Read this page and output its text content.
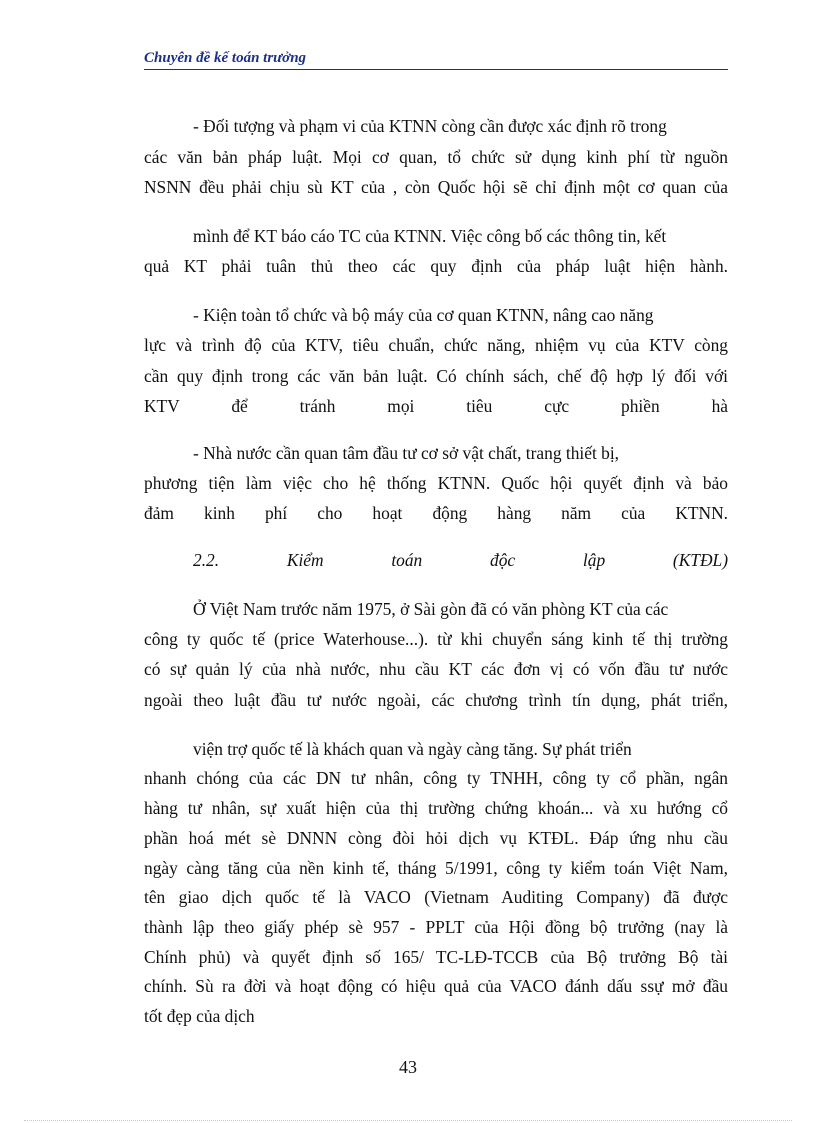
Chuyên đề kế toán trưởng
- Đối tượng và phạm vi của KTNN còng cần được xác định rõ trong
các văn bản pháp luật. Mọi cơ quan, tổ chức sử dụng kinh phí từ nguồn
NSNN đều phải chịu sù KT của , còn Quốc hội sẽ chỉ định một cơ quan của
mình để KT báo cáo TC của KTNN. Việc công bố các thông tin, kết
quả KT phải tuân thủ theo các quy định của pháp luật hiện hành.
- Kiện toàn tổ chức và bộ máy của cơ quan KTNN, nâng cao năng
lực và trình độ của KTV, tiêu chuẩn, chức năng, nhiệm vụ của KTV còng
cần quy định trong các văn bản luật. Có chính sách, chế độ hợp lý đối với
KTV để tránh mọi tiêu cực phiền hà
- Nhà nước cần quan tâm đầu tư cơ sở vật chất, trang thiết bị,
phương tiện làm việc cho hệ thống KTNN. Quốc hội quyết định và bảo
đảm kinh phí cho hoạt động hàng năm của KTNN.
2.2. Kiểm toán độc lập (KTĐL)
Ở Việt Nam trước năm 1975, ở Sài gòn đã có văn phòng KT của các
công ty quốc tế (price Waterhouse...). từ khi chuyển sáng kinh tế thị trường
có sự quản lý của nhà nước, nhu cầu KT các đơn vị có vốn đầu tư nước
ngoài theo luật đầu tư nước ngoài, các chương trình tín dụng, phát triển,
viện trợ quốc tế là khách quan và ngày càng tăng. Sự phát triển
nhanh chóng của các DN tư nhân, công ty TNHH, công ty cổ phần, ngân
hàng tư nhân, sự xuất hiện của thị trường chứng khoán... và xu hướng cổ
phần hoá mét sè DNNN còng đòi hỏi dịch vụ KTĐL. Đáp ứng nhu cầu
ngày càng tăng của nền kinh tế, tháng 5/1991, công ty kiểm toán Việt Nam,
tên giao dịch quốc tế là VACO (Vietnam Auditing Company) đã được
thành lập theo giấy phép sè 957 - PPLT của Hội đồng bộ trưởng (nay là
Chính phủ) và quyết định số 165/ TC-LĐ-TCCB của Bộ trưởng Bộ tài
chính. Sù ra đời và hoạt động có hiệu quả của VACO đánh dấu ssự mở đầu
tốt đẹp của dịch
43
